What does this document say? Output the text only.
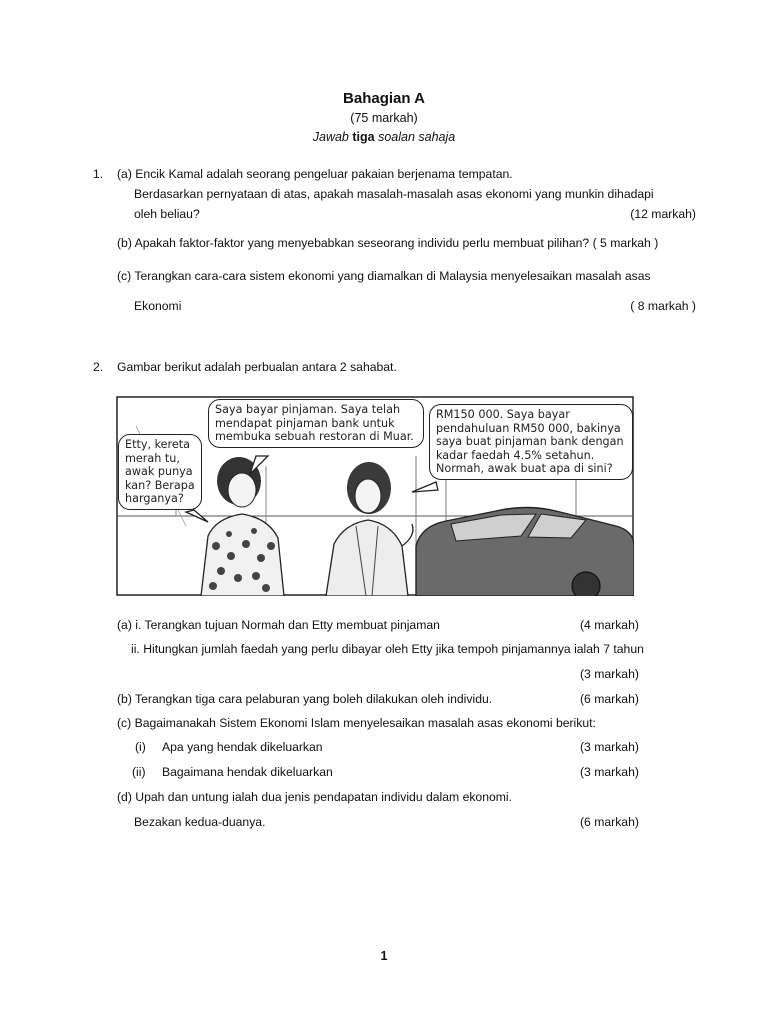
Bahagian A
(75 markah)
Jawab tiga soalan sahaja
1. (a) Encik Kamal adalah seorang pengeluar pakaian berjenama tempatan.
Berdasarkan pernyataan di atas, apakah masalah-masalah asas ekonomi yang munkin dihadapi
oleh beliau?	(12 markah)
(b) Apakah faktor-faktor yang menyebabkan seseorang individu perlu membuat pilihan? ( 5 markah )
(c) Terangkan cara-cara sistem ekonomi yang diamalkan di Malaysia menyelesaikan masalah asas
Ekonomi	( 8 markah )
2. Gambar berikut adalah perbualan antara 2 sahabat.
Etty, kereta
merah tu,
awak punya
kan? Berapa
harganya?
Saya bayar pinjaman. Saya telah
mendapat pinjaman bank untuk
membuka sebuah restoran di Muar.
RM150 000. Saya bayar
pendahuluan RM50 000, bakinya
saya buat pinjaman bank dengan
kadar faedah 4.5% setahun.
Normah, awak buat apa di sini?
(a) i. Terangkan tujuan Normah dan Etty membuat pinjaman	(4 markah)
ii. Hitungkan jumlah faedah yang perlu dibayar oleh Etty jika tempoh pinjamannya ialah 7 tahun
(3 markah)
(b) Terangkan tiga cara pelaburan yang boleh dilakukan oleh individu.	(6 markah)
(c) Bagaimanakah Sistem Ekonomi Islam menyelesaikan masalah asas ekonomi berikut:
(i) Apa yang hendak dikeluarkan	(3 markah)
(ii) Bagaimana hendak dikeluarkan	(3 markah)
(d) Upah dan untung ialah dua jenis pendapatan individu dalam ekonomi.
Bezakan kedua-duanya.	(6 markah)
1
